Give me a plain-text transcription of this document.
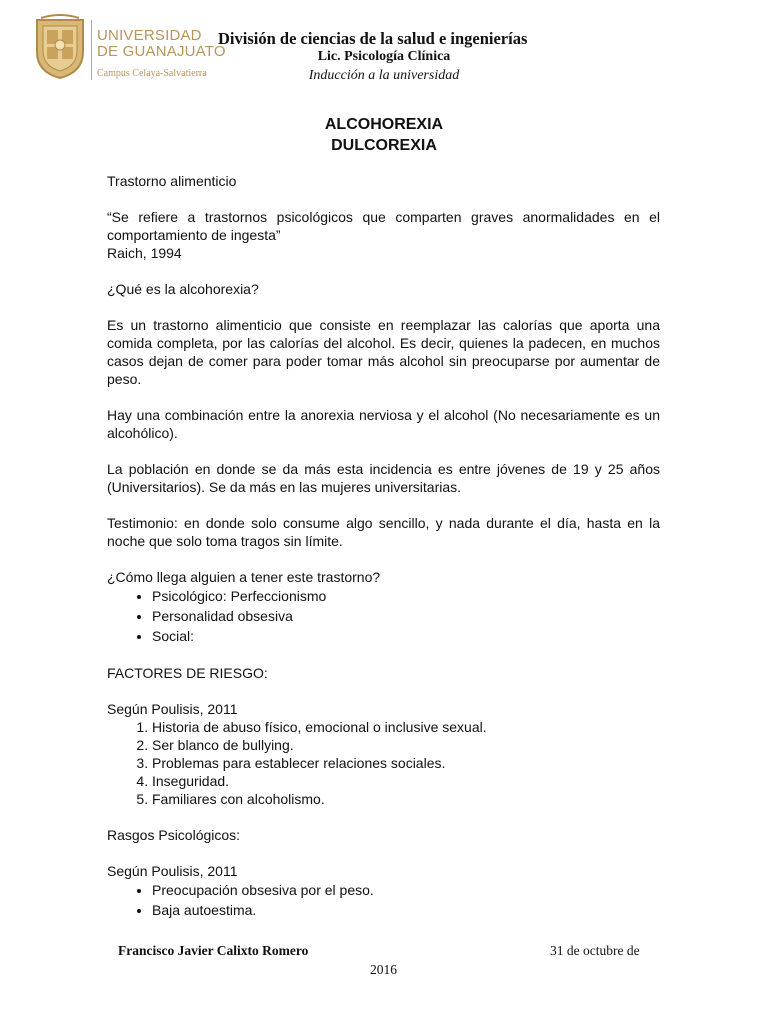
UNIVERSIDAD
DE GUANAJUATO
Campus Celaya-Salvatierra
División de ciencias de la salud e ingenierías
Lic. Psicología Clínica
Inducción a la universidad
ALCOHOREXIA
DULCOREXIA

Trastorno alimenticio

“Se refiere a trastornos psicológicos que comparten graves anormalidades en el comportamiento de ingesta”

Raich, 1994

¿Qué es la alcohorexia?

Es un trastorno alimenticio que consiste en reemplazar las calorías que aporta una comida completa, por las calorías del alcohol. Es decir, quienes la padecen, en muchos casos dejan de comer para poder tomar más alcohol sin preocuparse por aumentar de peso.

Hay una combinación entre la anorexia nerviosa y el alcohol (No necesariamente es un alcohólico).

La población en donde se da más esta incidencia es entre jóvenes de 19 y 25 años (Universitarios). Se da más en las mujeres universitarias.

Testimonio: en donde solo consume algo sencillo, y nada durante el día, hasta en la noche que solo toma tragos sin límite.

¿Cómo llega alguien a tener este trastorno?

• Psicológico: Perfeccionismo
• Personalidad obsesiva
• Social:

FACTORES DE RIESGO:

Según Poulisis, 2011

1. Historia de abuso físico, emocional o inclusive sexual.
2. Ser blanco de bullying.
3. Problemas para establecer relaciones sociales.
4. Inseguridad.
5. Familiares con alcoholismo.

Rasgos Psicológicos:

Según Poulisis, 2011

• Preocupación obsesiva por el peso.
• Baja autoestima.
Francisco Javier Calixto Romero	31 de octubre de
2016
